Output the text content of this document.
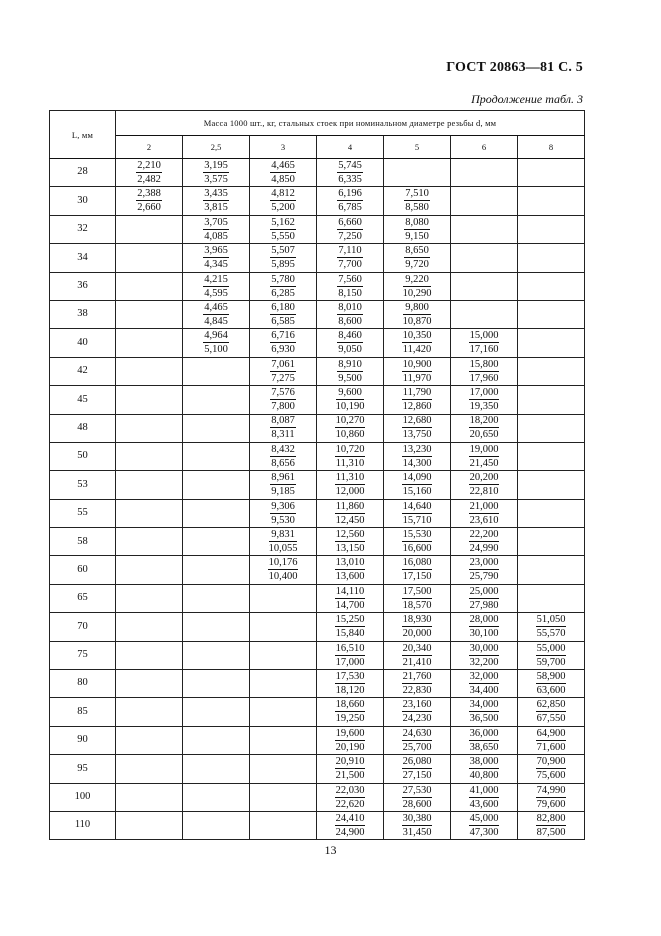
ГОСТ 20863—81 С. 5
Продолжение табл. 3
L, мм	Масса 1000 шт., кг, стальных стоек при номинальном диаметре резьбы d, мм						
	2	2,5	3	4	5	6	8
28	$\frac{2,210}{2,482}$	$\frac{3,195}{3,575}$	$\frac{4,465}{4,850}$	$\frac{5,745}{6,335}$

30	$\frac{2,388}{2,660}$	$\frac{3,435}{3,815}$	$\frac{4,812}{5,200}$	$\frac{6,196}{6,785}$	$\frac{7,510}{8,580}$

32		$\frac{3,705}{4,085}$	$\frac{5,162}{5,550}$	$\frac{6,660}{7,250}$	$\frac{8,080}{9,150}$

34		$\frac{3,965}{4,345}$	$\frac{5,507}{5,895}$	$\frac{7,110}{7,700}$	$\frac{8,650}{9,720}$

36		$\frac{4,215}{4,595}$	$\frac{5,780}{6,285}$	$\frac{7,560}{8,150}$	$\frac{9,220}{10,290}$

38		$\frac{4,465}{4,845}$	$\frac{6,180}{6,585}$	$\frac{8,010}{8,600}$	$\frac{9,800}{10,870}$

40		$\frac{4,964}{5,100}$	$\frac{6,716}{6,930}$	$\frac{8,460}{9,050}$	$\frac{10,350}{11,420}$	$\frac{15,000}{17,160}$

42			$\frac{7,061}{7,275}$	$\frac{8,910}{9,500}$	$\frac{10,900}{11,970}$	$\frac{15,800}{17,960}$

45			$\frac{7,576}{7,800}$	$\frac{9,600}{10,190}$	$\frac{11,790}{12,860}$	$\frac{17,000}{19,350}$

48			$\frac{8,087}{8,311}$	$\frac{10,270}{10,860}$	$\frac{12,680}{13,750}$	$\frac{18,200}{20,650}$

50			$\frac{8,432}{8,656}$	$\frac{10,720}{11,310}$	$\frac{13,230}{14,300}$	$\frac{19,000}{21,450}$

53			$\frac{8,961}{9,185}$	$\frac{11,310}{12,000}$	$\frac{14,090}{15,160}$	$\frac{20,200}{22,810}$

55			$\frac{9,306}{9,530}$	$\frac{11,860}{12,450}$	$\frac{14,640}{15,710}$	$\frac{21,000}{23,610}$

58			$\frac{9,831}{10,055}$	$\frac{12,560}{13,150}$	$\frac{15,530}{16,600}$	$\frac{22,200}{24,990}$

60			$\frac{10,176}{10,400}$	$\frac{13,010}{13,600}$	$\frac{16,080}{17,150}$	$\frac{23,000}{25,790}$

65				$\frac{14,110}{14,700}$	$\frac{17,500}{18,570}$	$\frac{25,000}{27,980}$

70				$\frac{15,250}{15,840}$	$\frac{18,930}{20,000}$	$\frac{28,000}{30,100}$	$\frac{51,050}{55,570}$

75				$\frac{16,510}{17,000}$	$\frac{20,340}{21,410}$	$\frac{30,000}{32,200}$	$\frac{55,000}{59,700}$

80				$\frac{17,530}{18,120}$	$\frac{21,760}{22,830}$	$\frac{32,000}{34,400}$	$\frac{58,900}{63,600}$

85				$\frac{18,660}{19,250}$	$\frac{23,160}{24,230}$	$\frac{34,000}{36,500}$	$\frac{62,850}{67,550}$

90				$\frac{19,600}{20,190}$	$\frac{24,630}{25,700}$	$\frac{36,000}{38,650}$	$\frac{64,900}{71,600}$

95				$\frac{20,910}{21,500}$	$\frac{26,080}{27,150}$	$\frac{38,000}{40,800}$	$\frac{70,900}{75,600}$

100				$\frac{22,030}{22,620}$	$\frac{27,530}{28,600}$	$\frac{41,000}{43,600}$	$\frac{74,990}{79,600}$

110				$\frac{24,410}{24,900}$	$\frac{30,380}{31,450}$	$\frac{45,000}{47,300}$	$\frac{82,800}{87,500}$
13
